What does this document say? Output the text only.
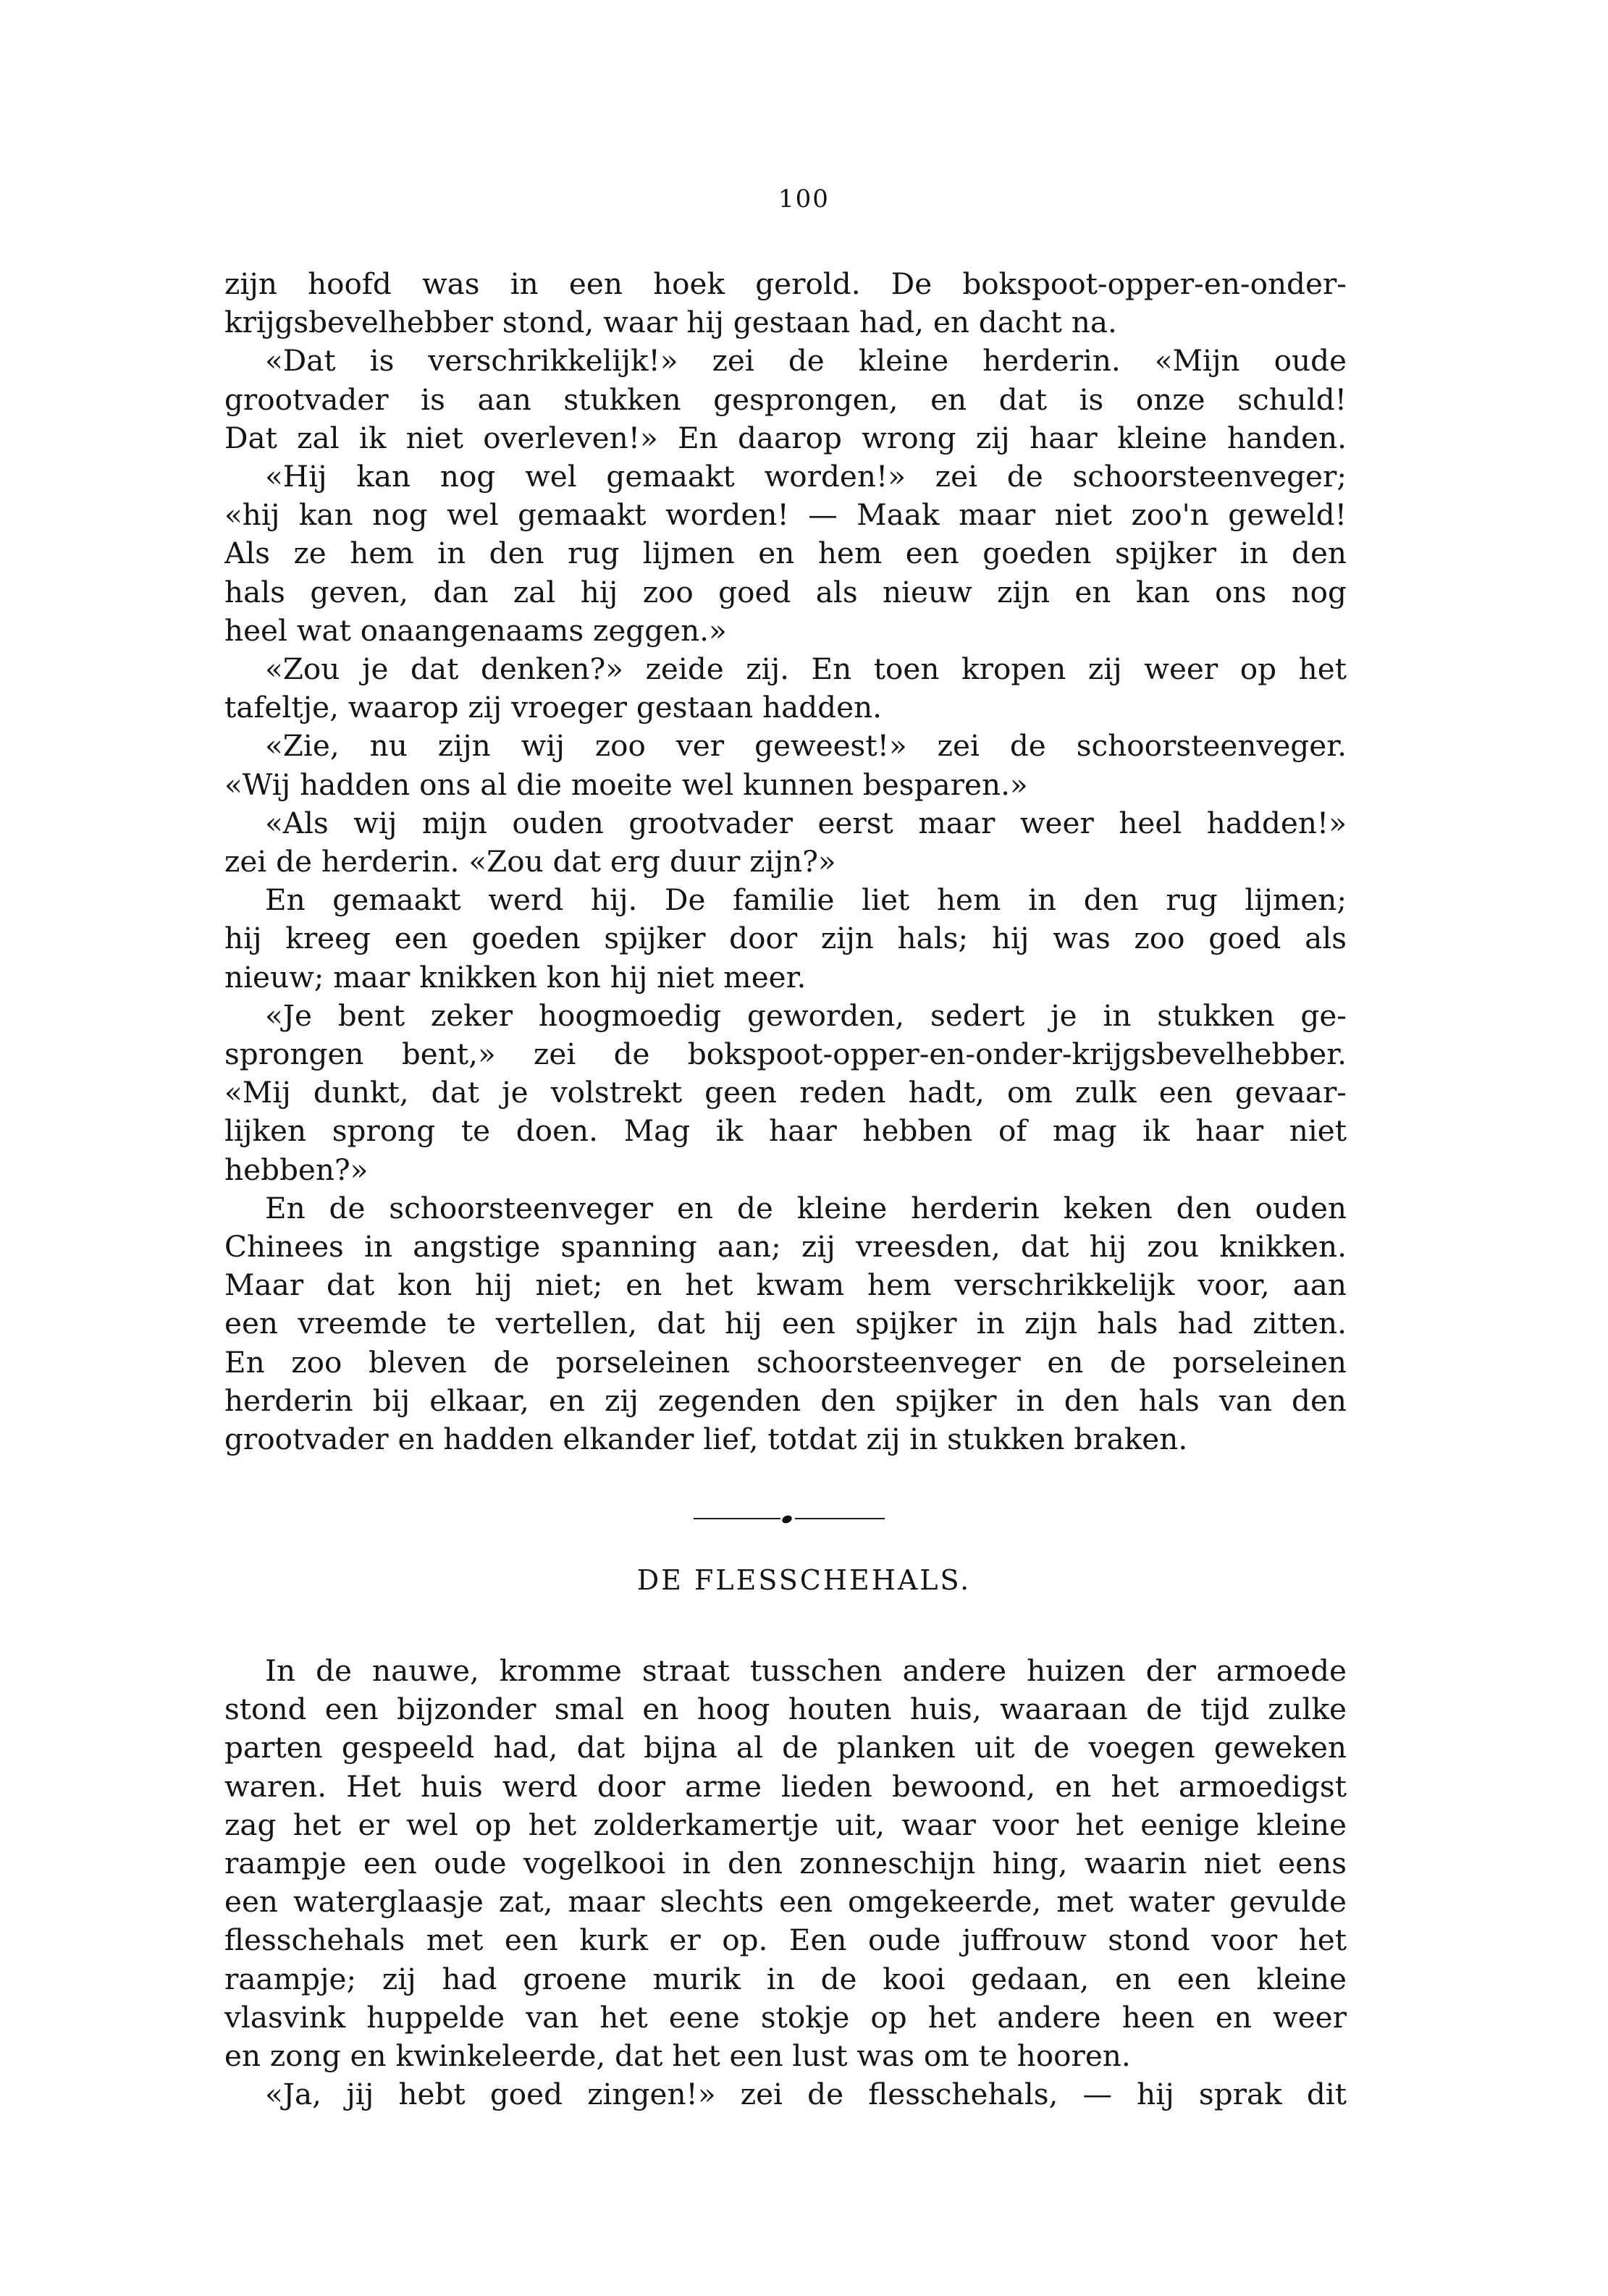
100
zijn hoofd was in een hoek gerold. De bokspoot-opper-en-onder-
krijgsbevelhebber stond, waar hij gestaan had, en dacht na.
«Dat is verschrikkelijk!» zei de kleine herderin. «Mijn oude
grootvader is aan stukken gesprongen, en dat is onze schuld!
Dat zal ik niet overleven!» En daarop wrong zij haar kleine handen.
«Hij kan nog wel gemaakt worden!» zei de schoorsteenveger;
«hij kan nog wel gemaakt worden! — Maak maar niet zoo'n geweld!
Als ze hem in den rug lijmen en hem een goeden spijker in den
hals geven, dan zal hij zoo goed als nieuw zijn en kan ons nog
heel wat onaangenaams zeggen.»
«Zou je dat denken?» zeide zij. En toen kropen zij weer op het
tafeltje, waarop zij vroeger gestaan hadden.
«Zie, nu zijn wij zoo ver geweest!» zei de schoorsteenveger.
«Wij hadden ons al die moeite wel kunnen besparen.»
«Als wij mijn ouden grootvader eerst maar weer heel hadden!»
zei de herderin. «Zou dat erg duur zijn?»
En gemaakt werd hij. De familie liet hem in den rug lijmen;
hij kreeg een goeden spijker door zijn hals; hij was zoo goed als
nieuw; maar knikken kon hij niet meer.
«Je bent zeker hoogmoedig geworden, sedert je in stukken ge-
sprongen bent,» zei de bokspoot-opper-en-onder-krijgsbevelhebber.
«Mij dunkt, dat je volstrekt geen reden hadt, om zulk een gevaar-
lijken sprong te doen. Mag ik haar hebben of mag ik haar niet
hebben?»
En de schoorsteenveger en de kleine herderin keken den ouden
Chinees in angstige spanning aan; zij vreesden, dat hij zou knikken.
Maar dat kon hij niet; en het kwam hem verschrikkelijk voor, aan
een vreemde te vertellen, dat hij een spijker in zijn hals had zitten.
En zoo bleven de porseleinen schoorsteenveger en de porseleinen
herderin bij elkaar, en zij zegenden den spijker in den hals van den
grootvader en hadden elkander lief, totdat zij in stukken braken.
DE FLESSCHEHALS.
In de nauwe, kromme straat tusschen andere huizen der armoede
stond een bijzonder smal en hoog houten huis, waaraan de tijd zulke
parten gespeeld had, dat bijna al de planken uit de voegen geweken
waren. Het huis werd door arme lieden bewoond, en het armoedigst
zag het er wel op het zolderkamertje uit, waar voor het eenige kleine
raampje een oude vogelkooi in den zonneschijn hing, waarin niet eens
een waterglaasje zat, maar slechts een omgekeerde, met water gevulde
flesschehals met een kurk er op. Een oude juffrouw stond voor het
raampje; zij had groene murik in de kooi gedaan, en een kleine
vlasvink huppelde van het eene stokje op het andere heen en weer
en zong en kwinkeleerde, dat het een lust was om te hooren.
«Ja, jij hebt goed zingen!» zei de flesschehals, — hij sprak dit
